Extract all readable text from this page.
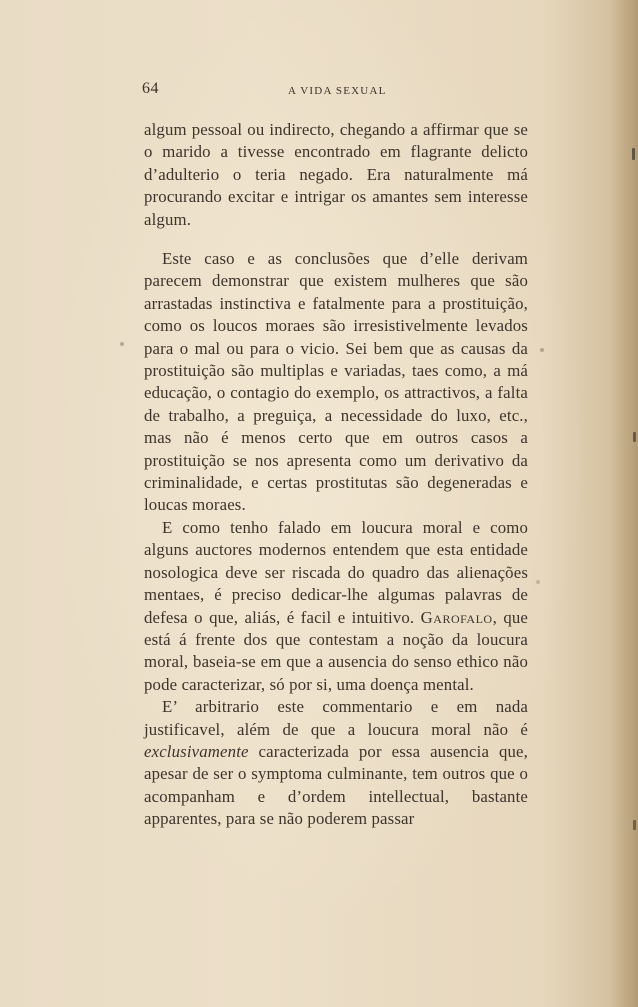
64	A VIDA SEXUAL

algum pessoal ou indirecto, chegando a affirmar que se o marido a tivesse encontrado em flagrante delicto d’adulterio o teria negado. Era naturalmente má procurando excitar e intrigar os amantes sem interesse algum.

Este caso e as conclusões que d’elle derivam parecem demonstrar que existem mulheres que são arrastadas instinctiva e fatalmente para a prostituição, como os loucos moraes são irresistivelmente levados para o mal ou para o vicio. Sei bem que as causas da prostituição são multiplas e variadas, taes como, a má educação, o contagio do exemplo, os attractivos, a falta de trabalho, a preguiça, a necessidade do luxo, etc., mas não é menos certo que em outros casos a prostituição se nos apresenta como um derivativo da criminalidade, e certas prostitutas são degeneradas e loucas moraes.

E como tenho falado em loucura moral e como alguns auctores modernos entendem que esta entidade nosologica deve ser riscada do quadro das alienações mentaes, é preciso dedicar-lhe algumas palavras de defesa o que, aliás, é facil e intuitivo. Garofalo, que está á frente dos que contestam a noção da loucura moral, baseia-se em que a ausencia do senso ethico não pode caracterizar, só por si, uma doença mental.

E’ arbitrario este commentario e em nada justificavel, além de que a loucura moral não é exclusivamente caracterizada por essa ausencia que, apesar de ser o symptoma culminante, tem outros que o acompanham e d’ordem intellectual, bastante apparentes, para se não poderem passar
